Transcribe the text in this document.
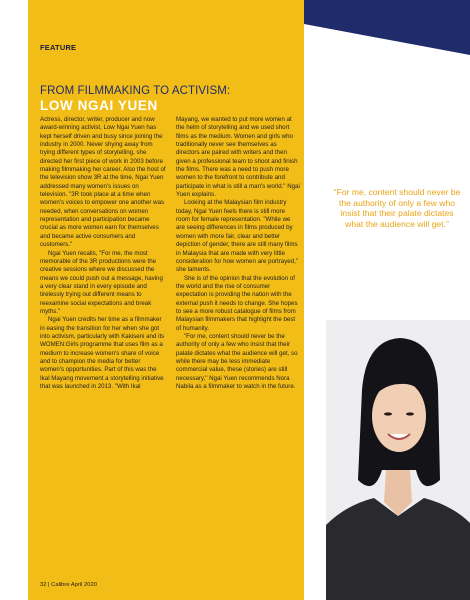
FEATURE
FROM FILMMAKING TO ACTIVISM:
LOW NGAI YUEN

Actress, director, writer, producer and now award-winning activist, Low Ngai Yuen has kept herself driven and busy since joining the industry in 2000. Never shying away from trying different types of storytelling, she directed her first piece of work in 2003 before making filmmaking her career. Also the host of the television show 3R at the time, Ngai Yuen addressed many women's issues on television. "3R took place at a time when women's voices to empower one another was needed, when conversations on women representation and participation became crucial as more women earn for themselves and became active consumers and customers."

Ngai Yuen recalls, "For me, the most memorable of the 3R productions were the creative sessions where we discussed the means we could push out a message, having a very clear stand in every episode and tirelessly trying out different means to reexamine social expectations and break myths."

Ngai Yuen credits her time as a filmmaker in easing the transition for her when she got into activism, particularly with Kakiseni and its WOMEN:Girls programme that uses film as a medium to increase women's share of voice and to champion the media for better women's opportunities. Part of this was the Ikal Mayang movement a storytelling initiative that was launched in 2013. "With Ikal

Mayang, we wanted to put more women at the helm of storytelling and we used short films as the medium. Women and girls who traditionally never see themselves as directors are paired with writers and then given a professional team to shoot and finish the films. There was a need to push more women to the forefront to contribute and participate in what is still a man's world." Ngai Yuen explains.

Looking at the Malaysian film industry today, Ngai Yuen feels there is still more room for female representation. "While we are seeing differences in films produced by women with more fair, clear and better depiction of gender, there are still many films in Malaysia that are made with very little consideration for how women are portrayed," she laments.

She is of the opinion that the evolution of the world and the rise of consumer expectation is providing the nation with the external push it needs to change. She hopes to see a more robust catalogue of films from Malaysian filmmakers that highlight the best of humanity.

"For me, content should never be the authority of only a few who insist that their palate dictates what the audience will get, so while there may be less immediate commercial value, these (stories) are still necessary," Ngai Yuen recommends Nora Nabila as a filmmaker to watch in the future.

“For me, content should never be the authority of only a few who insist that their palate dictates what the audience will get.”
32 | Calibre April 2020
